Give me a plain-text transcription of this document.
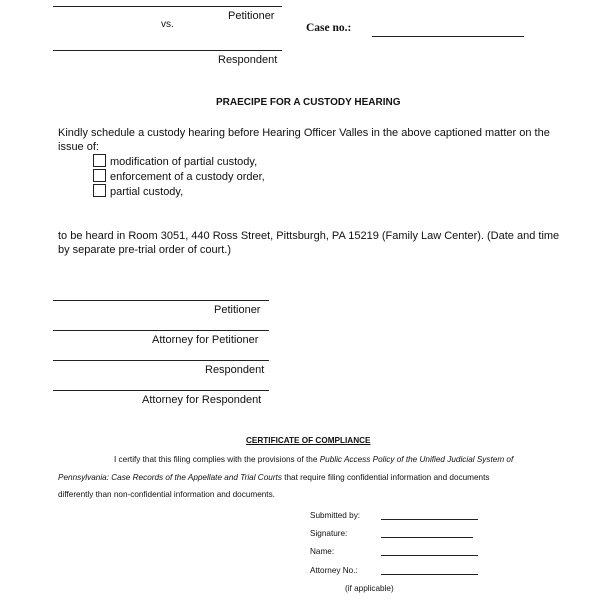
Petitioner
vs.	Case no.:
Respondent
PRAECIPE FOR A CUSTODY HEARING
Kindly schedule a custody hearing before Hearing Officer Valles in the above captioned matter on the
issue of:
modification of partial custody,
enforcement of a custody order,
partial custody,
to be heard in Room 3051, 440 Ross Street, Pittsburgh, PA 15219 (Family Law Center). (Date and time
by separate pre-trial order of court.)
Petitioner
Attorney for Petitioner
Respondent
Attorney for Respondent
CERTIFICATE OF COMPLIANCE
I certify that this filing complies with the provisions of the Public Access Policy of the Unified Judicial System of
Pennsylvania: Case Records of the Appellate and Trial Courts that require filing confidential information and documents
differently than non-confidential information and documents.
Submitted by:
Signature:
Name:
Attorney No.:
(if applicable)
